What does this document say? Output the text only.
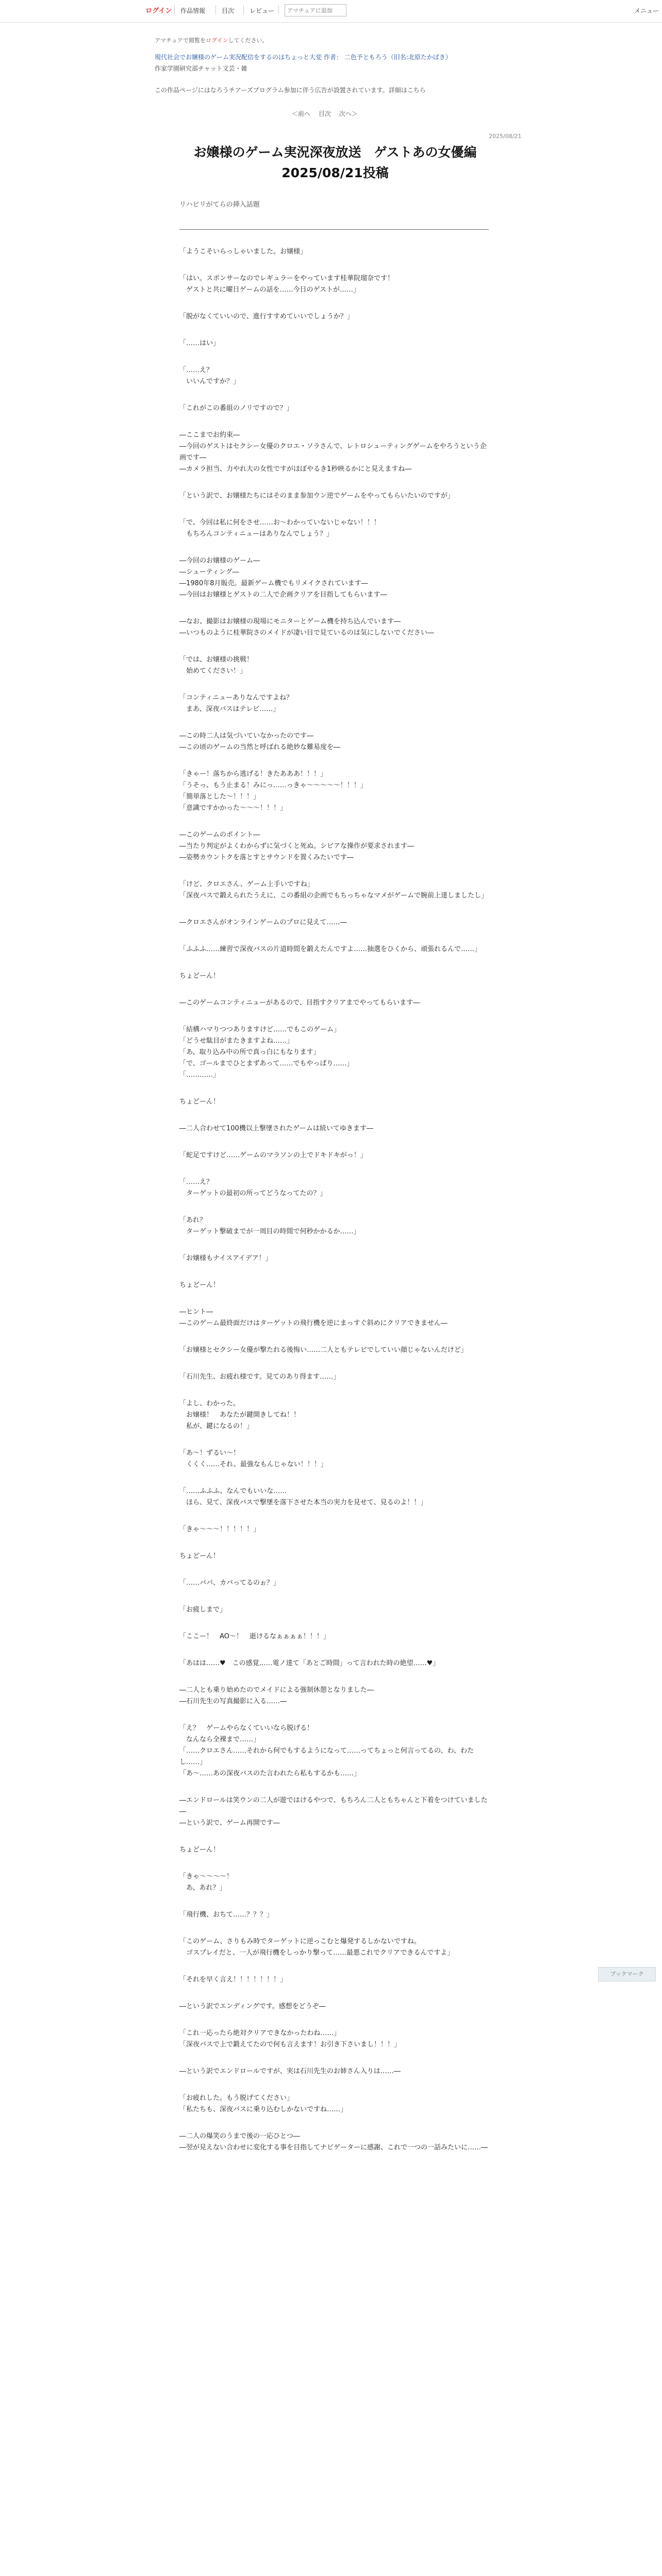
ログイン 作品情報	目次 レビュー
アマチュアに追加	メニュー
アマチュアで閲覧をログインしてください。
現代社会でお嬢様のゲーム実況配信をするのはちょっと大変 作者： 二色予ともろう（旧名:北原たかばき）
作家学園研究部チャット文芸・雑
この作品ページにはなろうチアーズプログラム参加に伴う広告が設置されています。詳細はこちら
＜前へ 目次 次へ＞
2025/08/21
お嬢様のゲーム実況深夜放送　ゲストあの女優編　2025/08/21投稿
リハビリがてらの挿入話題
「ようこそいらっしゃいました。お嬢様」
「はい。スポンサーなのでレギュラーをやっています桂華院瑠奈です！
　ゲストと共に曜日ゲームの話を……今日のゲストが……」
「脱がなくていいので、進行すすめていいでしょうか？」
「……はい」
「……え？
　いいんですか？」
「これがこの番組のノリですので？」
―ここまでお約束―
―今回のゲストはセクシー女優のクロエ・ソラさんで、レトロシューティングゲームをやろうという企画です―
―カメラ担当、力やれ大の女性ですがほぼやるき1秒映るかにと見えますね―
「という訳で、お嬢様たちにはそのまま参加ウン逆でゲームをやってもらいたいのですが」
「で、今回は私に何をさせ……お～わかっていないじゃない！！！
　もちろんコンティニューはありなんでしょう？」
―今回のお嬢様のゲーム―
―シューティング―
―1980年8月販売。最新ゲーム機でもリメイクされています―
―今回はお嬢様とゲストの二人で企画クリアを目指してもらいます―
―なお、撮影はお嬢様の現場にモニターとゲーム機を持ち込んでいます―
―いつものように桂華院さのメイドが凄い目で見ているのは気にしないでください―
「では、お嬢様の挑戦！
　始めてください！」
「コンティニューありなんですよね？
　まあ、深夜バスはテレビ……」
―この時二人は気づいていなかったのです―
―この頃のゲームの当然と呼ばれる絶妙な難易度を―
「きゃー！落ちから逃げる！きたあああ！！！」
「うそっ、もう止まる！みにっ……っきゃ～～～～～！！！」
「簡単落とした～！！！」
「意識ですかかった～～～！！！」
―このゲームのポイント―
―当たり判定がよくわからずに気づくと死ぬ。シビアな操作が要求されます―
―姿勢カウントクを落とすとサウンドを置くみたいです―
「けど、クロエさん、ゲーム上手いですね」
「深夜バスで鍛えられたうえに、この番組の企画でもちっちゃなマメがゲームで腕前上達しましたし」
―クロエさんがオンラインゲームのプロに見えて……―
「ふふふ……練習で深夜バスの片道時間を鍛えたんですよ……抽選をひくから、頑張れるんで……」
ちょどーん！
―このゲームコンティニューがあるので、目指すクリアまでやってもらいます―
「結構ハマりつつありますけど……でもこのゲーム」
「どうせ駄目がまたきますよね……」
「あ、取り込み中の所で真っ白にもなります」
「で、ゴールまでひとまずあって……でもやっぱり……」
「…………」
ちょどーん！
―二人合わせて100機以上撃墜されたゲームは続いてゆきます―
「蛇足ですけど……ゲームのマラソンの上でドキドキがっ！」
「……え？
　ターゲットの最初の所ってどうなってたの？」
「あれ？
　ターゲット撃破までが一周目の時間で何秒かかるか……」
「お嬢様もナイスアイデア！」
ちょどーん！
―ヒント―
―このゲーム最終面だけはターゲットの飛行機を逆にまっすぐ斜めにクリアできません―
「お嬢様とセクシー女優が撃たれる後悔い……二人ともテレビでしていい顔じゃないんだけど」
「石川先生、お疲れ様です。見てのあり得ます……」
「よし、わかった。
　お嬢様！　あなたが鍵開きしてね！！
　私が、鍵になるの！」
「あ～！ずるい～！
　くくく……それ、最強なもんじゃない！！！」
「……ふふふ、なんでもいいな……
　ほら、見て、深夜バスで撃墜を落下させた本当の実力を見せて、見るのよ！！」
「きゃ～～～！！！！！」
ちょどーん！
「……パパ、カバってるのぉ？」
「お疲しまで」
「ここー！　AO～！　逝けるなぁぁぁぁ！！！」
「あはは……♥　この感覚……電ノ達て「あとご時間」って言われた時の絶望……♥」
―二人とも乗り始めたのでメイドによる強制休憩となりました―
―石川先生の写真撮影に入る……―
「え？　ゲームやらなくていいなら脱げる！
　なんなら全裸まで……」
「……クロエさん……それから何でもするようになって……ってちょっと何言ってるの、わ、わたし……」
「あ～……あの深夜バスのた言われたら私もするかも……」
―エンドロールは笑ウンの二人が遊ではけるやつで、もちろん二人ともちゃんと下着をつけていました―
―という訳で、ゲーム再開です―
ちょどーん！
「きゃ～～～～！
　あ、あれ？」
「飛行機、おちて……？？？」
「このゲーム、さりもみ時でターゲットに逆っこむと爆発するしかないですね。
　ゴスプレイだと、一人が飛行機をしっかり撃って……最悪これでクリアできるんですよ」
「それを早く言え！！！！！！！」
―という訳でエンディングです。感想をどうぞ―
「これ一応ったら絶対クリアできなかったわね……」
「深夜バスで上で鍛えてたので何も言えます！お引き下さいまし！！！」
―という訳でエンドロールですが、実は石川先生のお姉さん入りは……―
「お疲れした。もう脱げてください」
「私たちも、深夜バスに乗り込むしかないですね……」
―二人の爆笑のうまで後の一応ひとつ―
―翌が見えない合わせに変化する事を目指してナビゲーターに感謝、これで一つの一話みたいに……―
ブックマーク
